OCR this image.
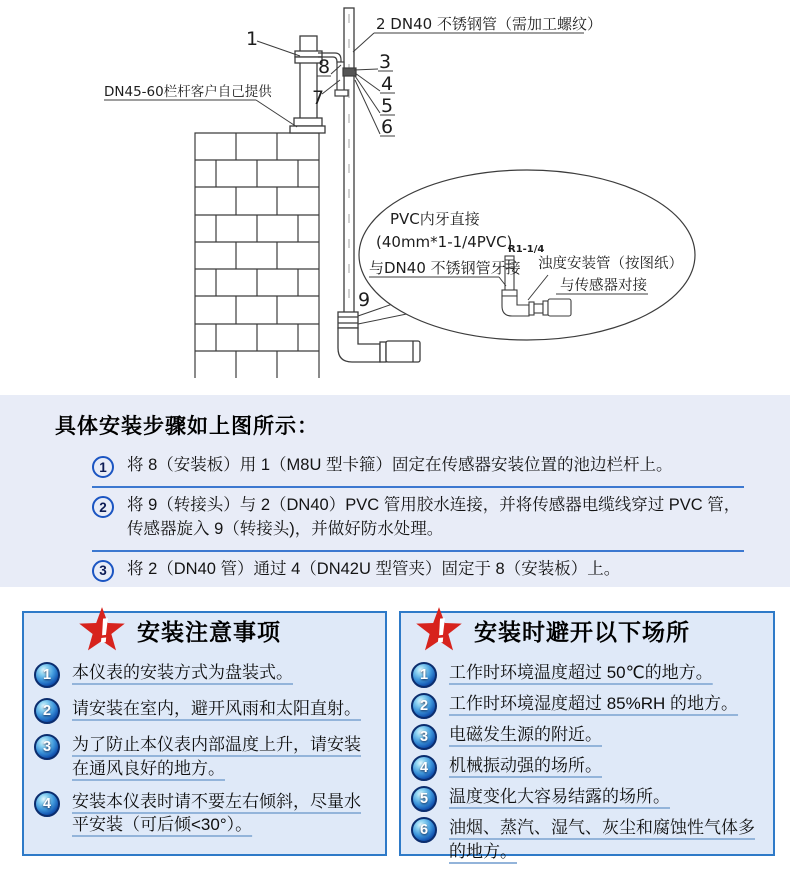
PVC内牙直接
(40mm*1-1/4PVC)
与DN40 不锈钢管牙接
R1-1/4
浊度安装管（按图纸）
与传感器对接
1
2 DN40 不锈钢管（需加工螺纹）
8
7
3
4
5
6
9
DN45-60栏杆客户自己提供
具体安装步骤如上图所示：
1	将 8（安装板）用 1（M8U 型卡箍）固定在传感器安装位置的池边栏杆上。
2	将 9（转接头）与 2（DN40）PVC 管用胶水连接，并将传感器电缆线穿过 PVC 管，传感器旋入 9（转接头)，并做好防水处理。
3	将 2（DN40 管）通过 4（DN42U 型管夹）固定于 8（安装板）上。
! 安装注意事项
1	本仪表的安装方式为盘装式。
2	请安装在室内，避开风雨和太阳直射。
3	为了防止本仪表内部温度上升，请安装在通风良好的地方。
4	安装本仪表时请不要左右倾斜，尽量水平安装（可后倾<30°）。
! 安装时避开以下场所
1	工作时环境温度超过 50℃的地方。
2	工作时环境湿度超过 85%RH 的地方。
3	电磁发生源的附近。
4	机械振动强的场所。
5	温度变化大容易结露的场所。
6	油烟、蒸汽、湿气、灰尘和腐蚀性气体多的地方。
